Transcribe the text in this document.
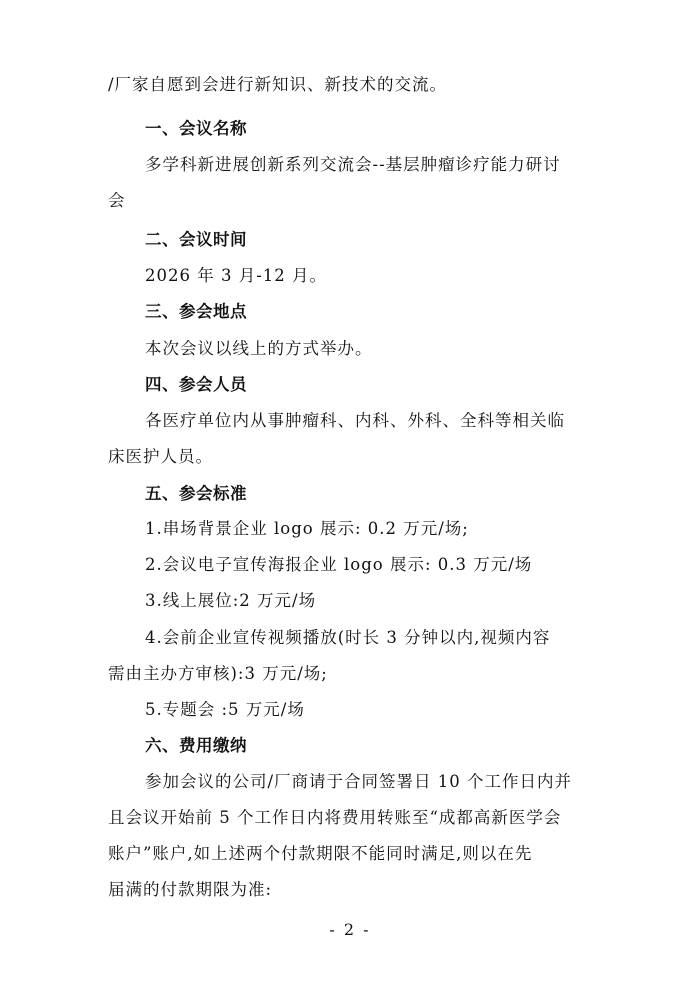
/厂家自愿到会进行新知识、新技术的交流。
一、会议名称
多学科新进展创新系列交流会--基层肿瘤诊疗能力研讨
会
二、会议时间
2026 年 3 月-12 月。
三、参会地点
本次会议以线上的方式举办。
四、参会人员
各医疗单位内从事肿瘤科、内科、外科、全科等相关临
床医护人员。
五、参会标准
1.串场背景企业 logo 展示: 0.2 万元/场;
2.会议电子宣传海报企业 logo 展示: 0.3 万元/场
3.线上展位:2 万元/场
4.会前企业宣传视频播放(时长 3 分钟以内,视频内容
需由主办方审核):3 万元/场;
5.专题会 :5 万元/场
六、费用缴纳
参加会议的公司/厂商请于合同签署日 10 个工作日内并
且会议开始前 5 个工作日内将费用转账至“成都高新医学会
账户”账户,如上述两个付款期限不能同时满足,则以在先
届满的付款期限为准:
- 2 -
